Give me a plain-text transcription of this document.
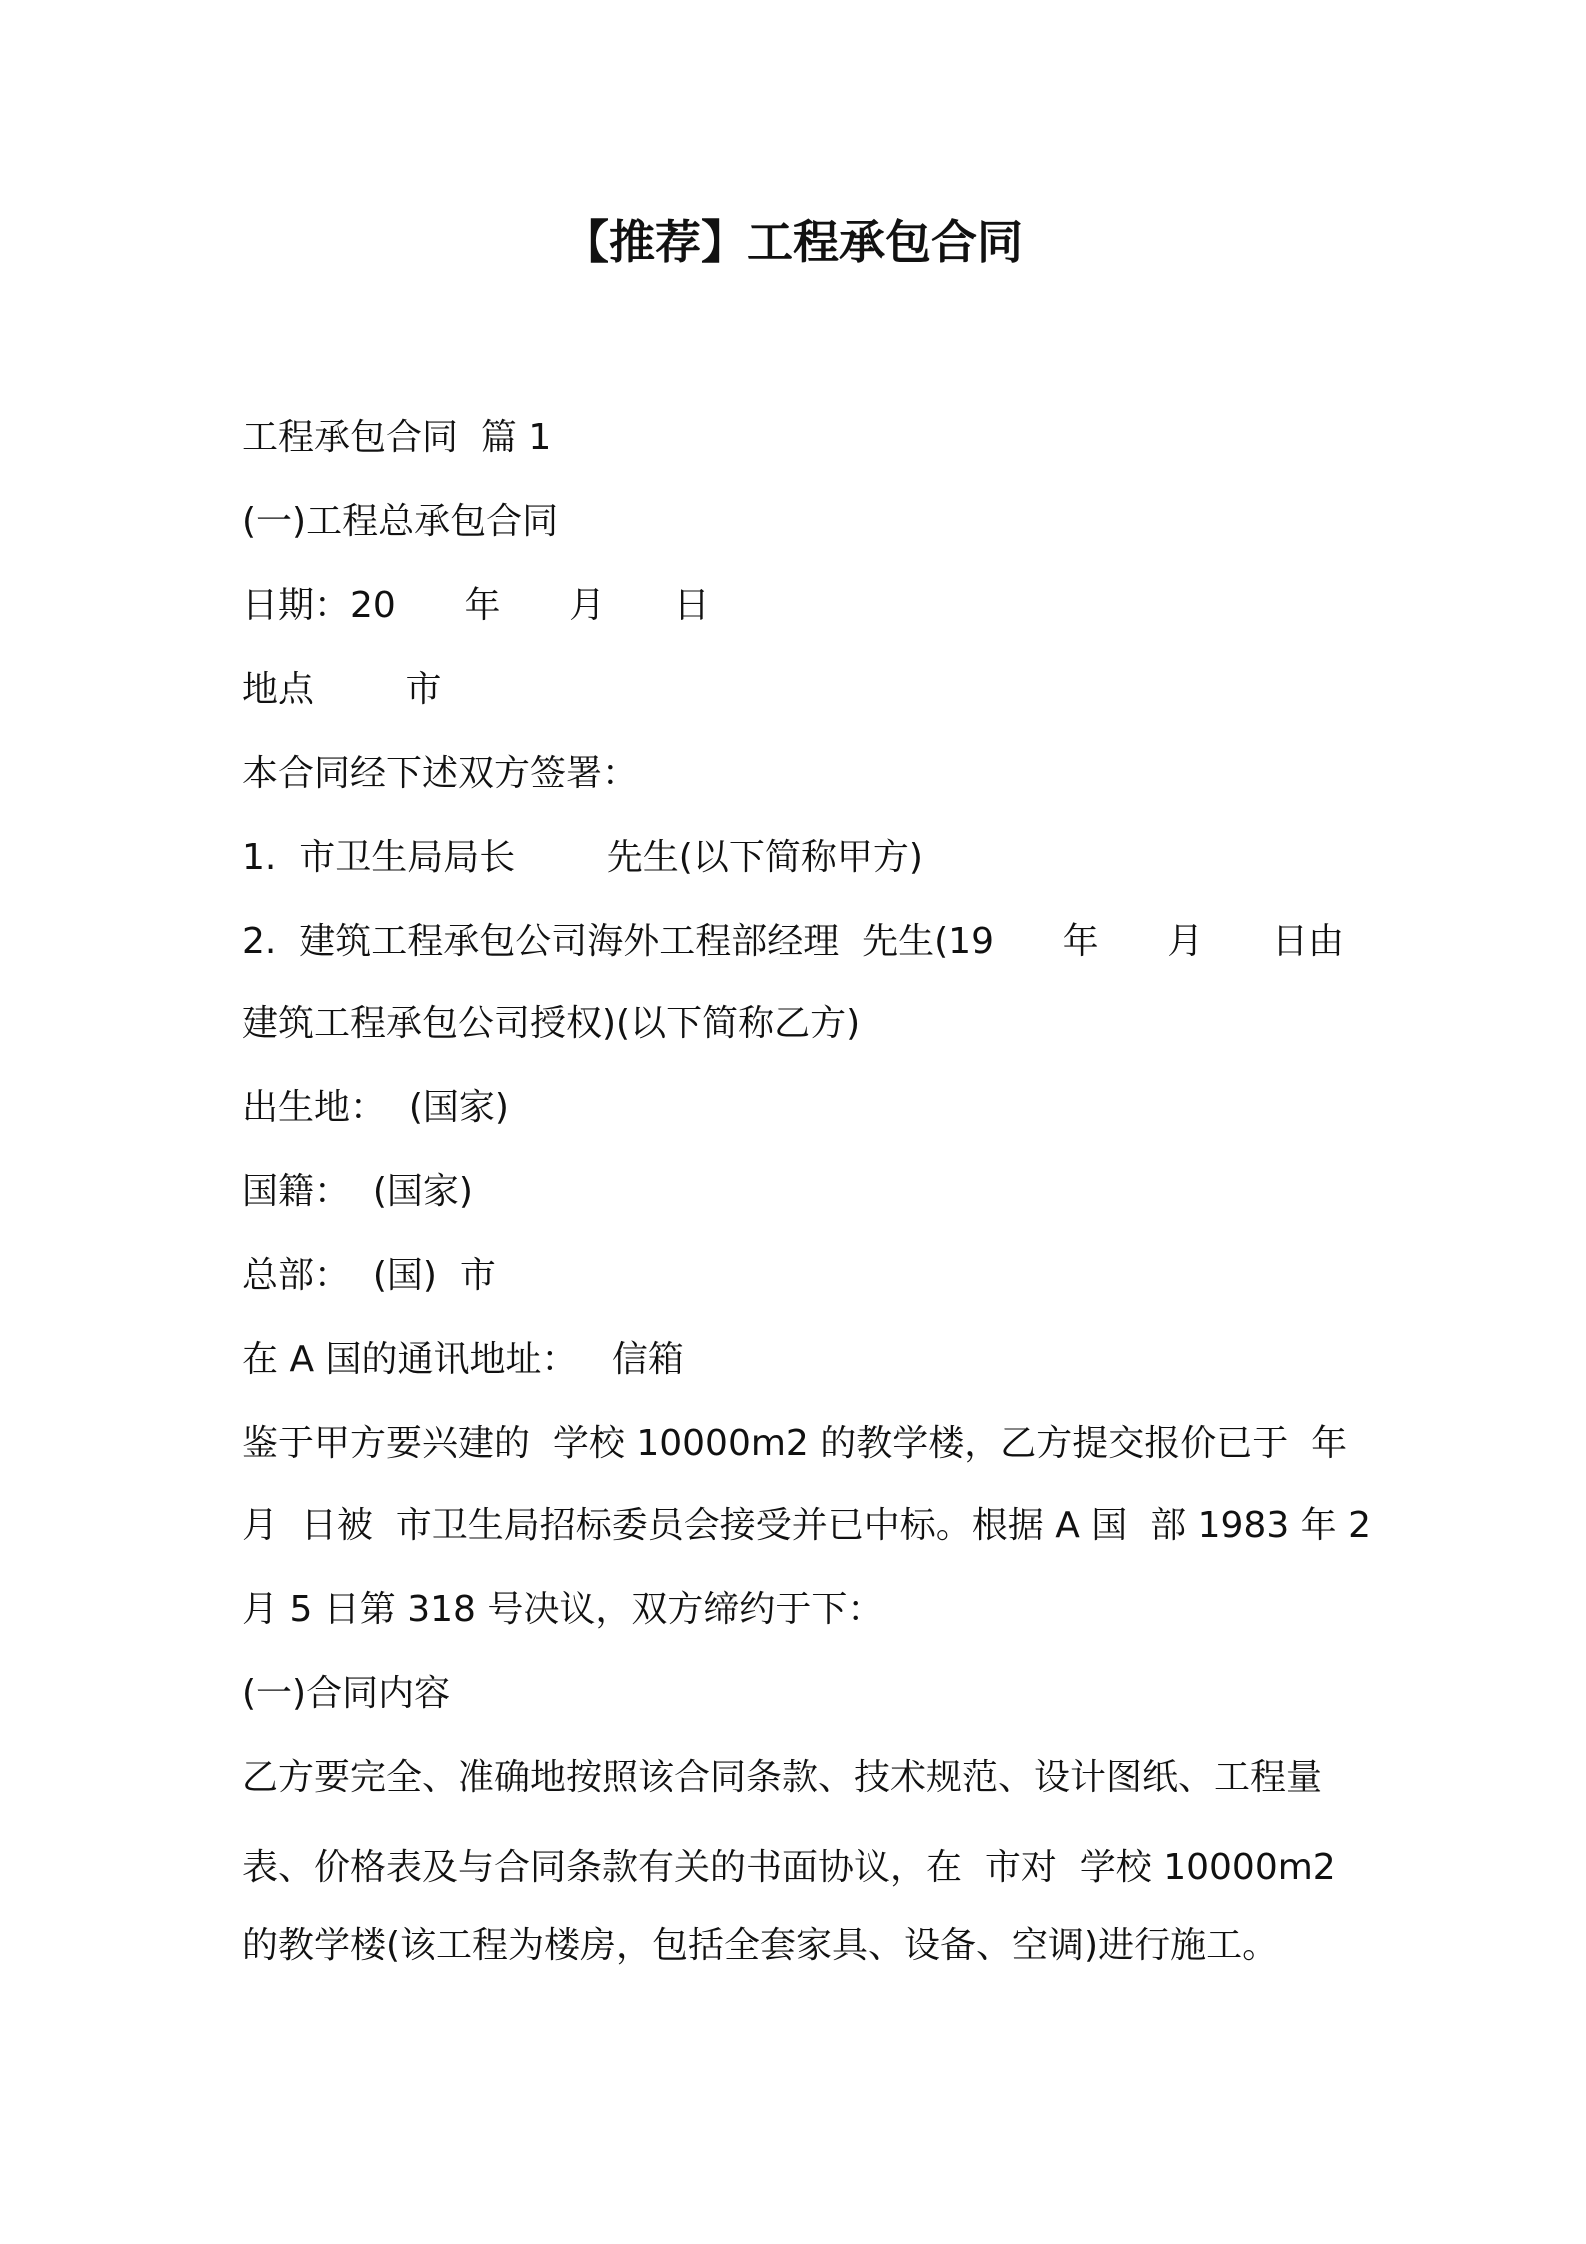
【推荐】工程承包合同

工程承包合同  篇 1

(一)工程总承包合同

日期：20      年      月      日

地点        市

本合同经下述双方签署：

1.  市卫生局局长        先生(以下简称甲方)

2.  建筑工程承包公司海外工程部经理  先生(19      年      月      日由

建筑工程承包公司授权)(以下简称乙方)

出生地：  (国家)

国籍：  (国家)

总部：  (国)  市

在 A 国的通讯地址：   信箱

鉴于甲方要兴建的  学校 10000m2 的教学楼，乙方提交报价已于  年

月  日被  市卫生局招标委员会接受并已中标。根据 A 国  部 1983 年 2

月 5 日第 318 号决议，双方缔约于下：

(一)合同内容

乙方要完全、准确地按照该合同条款、技术规范、设计图纸、工程量

表、价格表及与合同条款有关的书面协议，在  市对  学校 10000m2

的教学楼(该工程为楼房，包括全套家具、设备、空调)进行施工。
